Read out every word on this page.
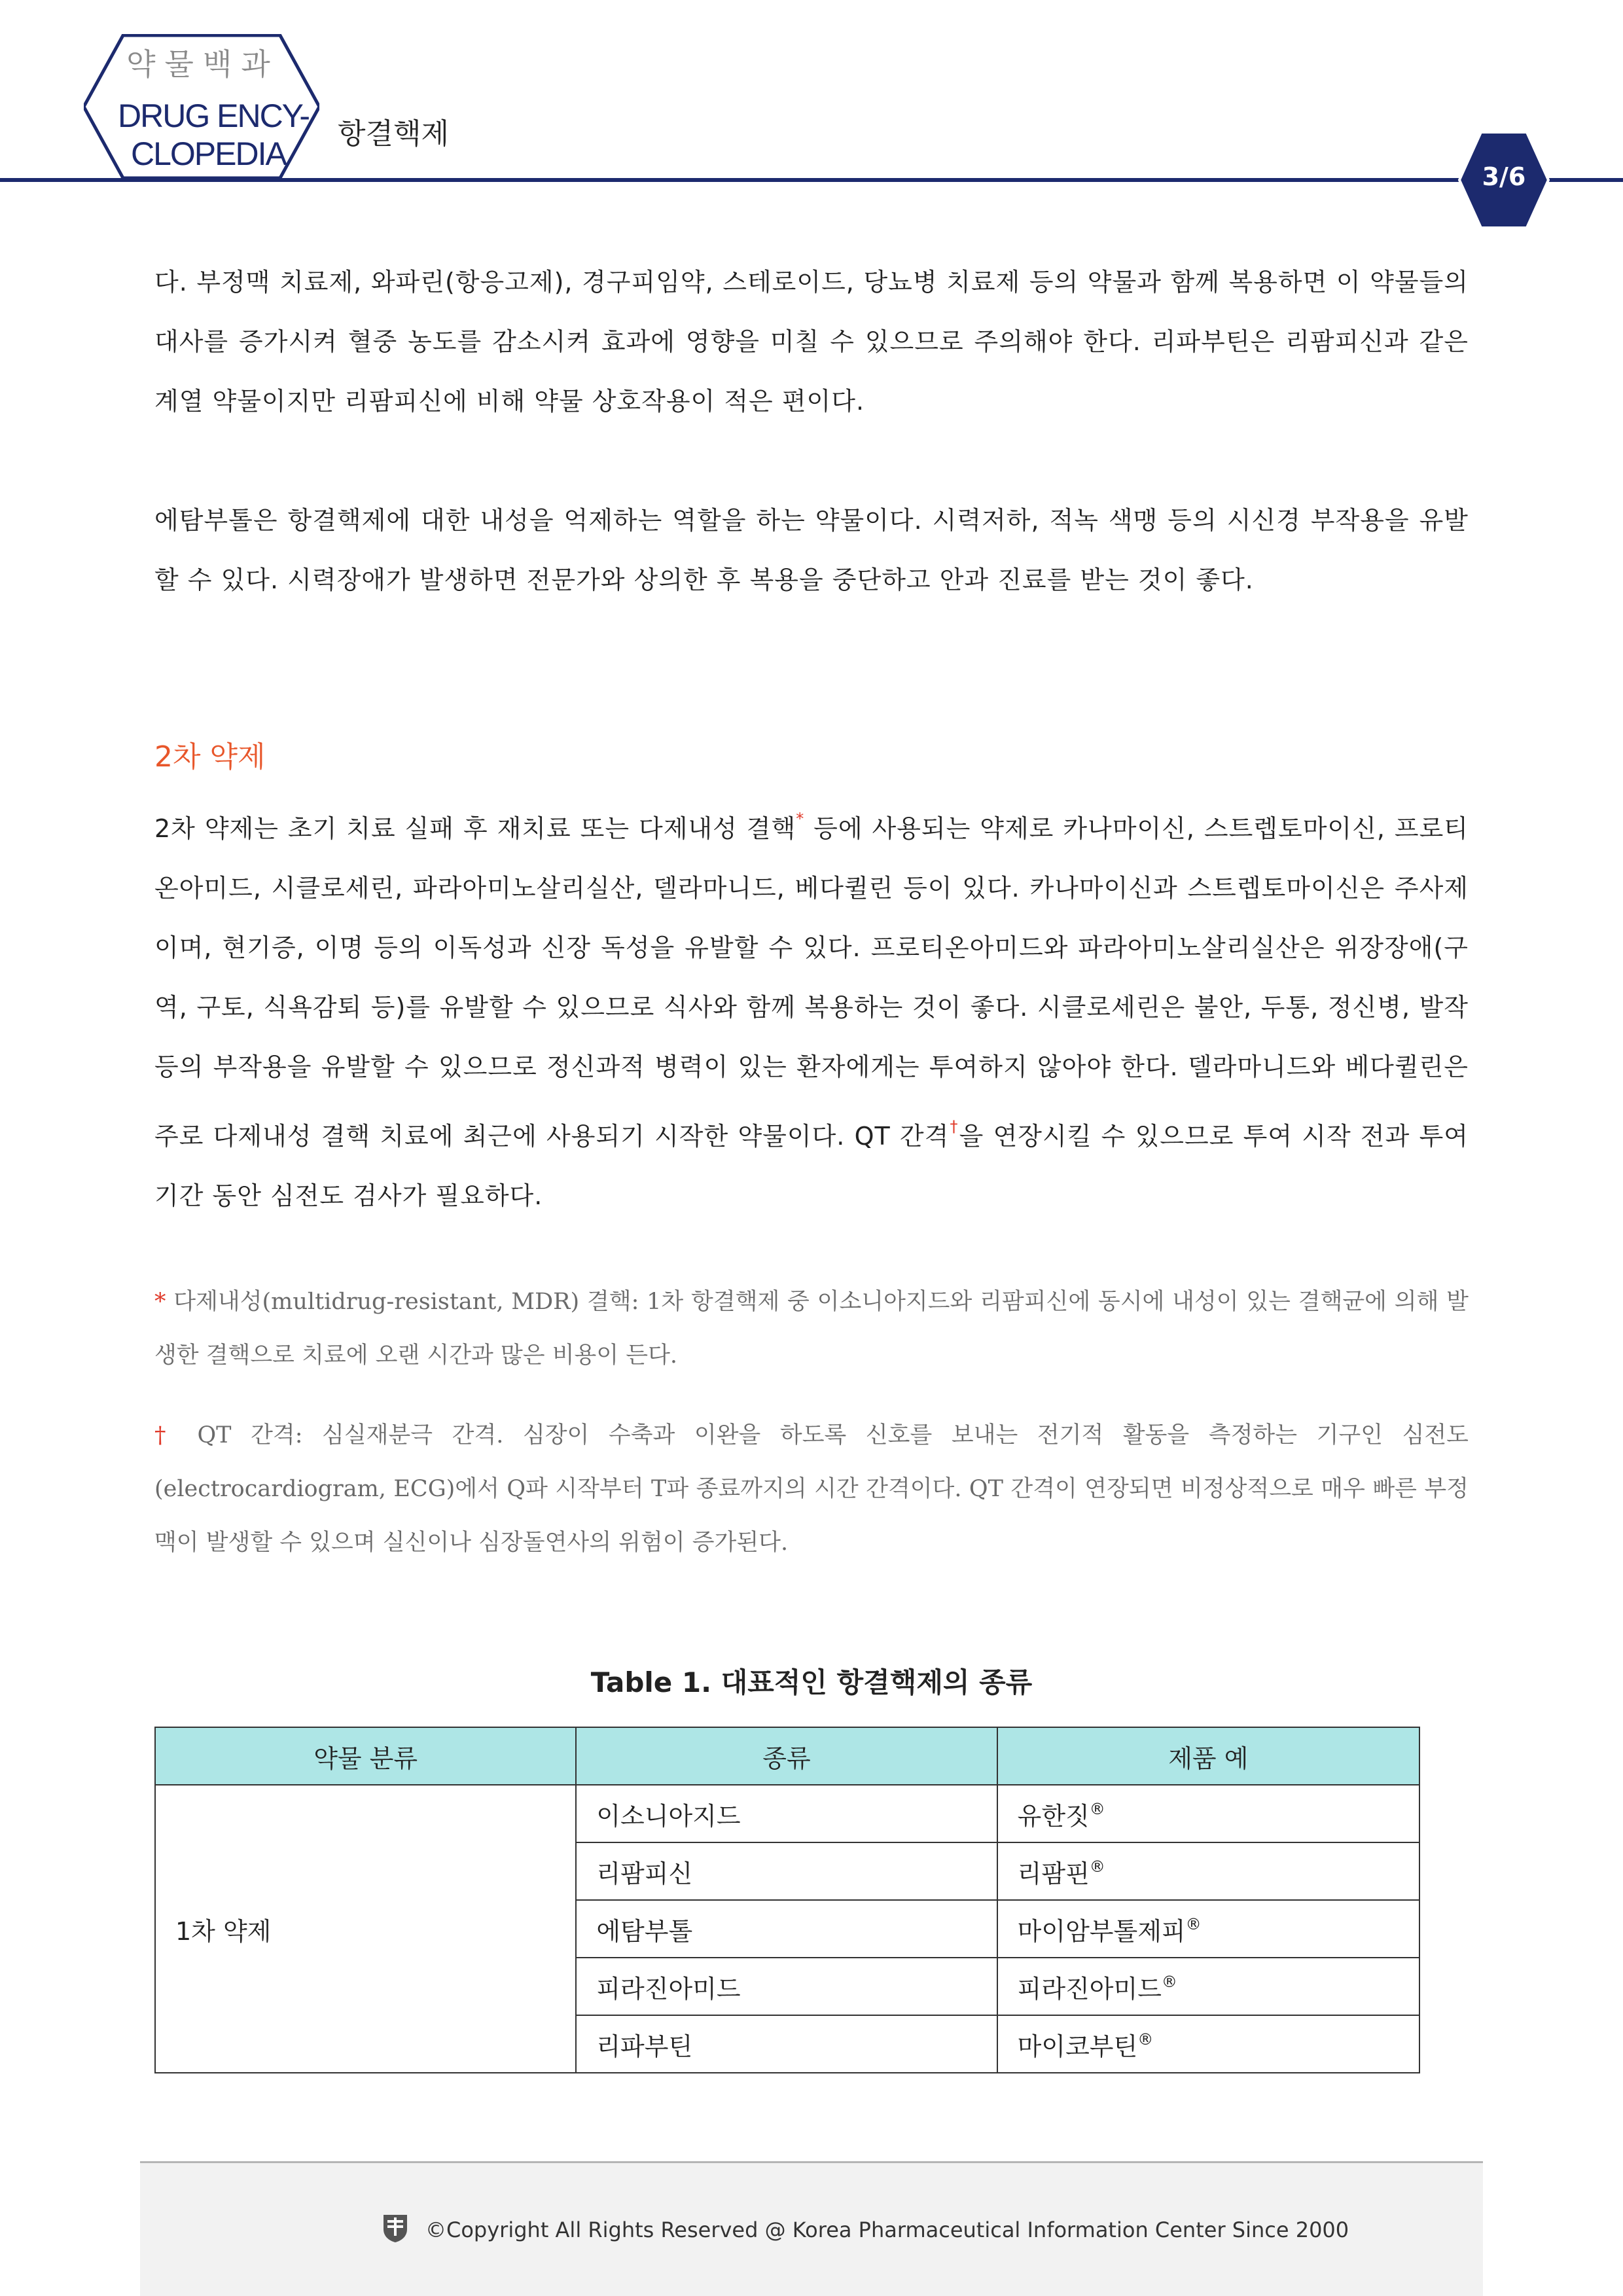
약물백과
DRUG ENCY-
CLOPEDIA
항결핵제
3/6
다. 부정맥 치료제, 와파린(항응고제), 경구피임약, 스테로이드, 당뇨병 치료제 등의 약물과 함께 복용하면 이 약물들의 대사를 증가시켜 혈중 농도를 감소시켜 효과에 영향을 미칠 수 있으므로 주의해야 한다. 리파부틴은 리팜피신과 같은 계열 약물이지만 리팜피신에 비해 약물 상호작용이 적은 편이다.
에탐부톨은 항결핵제에 대한 내성을 억제하는 역할을 하는 약물이다. 시력저하, 적녹 색맹 등의 시신경 부작용을 유발할 수 있다. 시력장애가 발생하면 전문가와 상의한 후 복용을 중단하고 안과 진료를 받는 것이 좋다.
2차 약제
2차 약제는 초기 치료 실패 후 재치료 또는 다제내성 결핵* 등에 사용되는 약제로 카나마이신, 스트렙토마이신, 프로티온아미드, 시클로세린, 파라아미노살리실산, 델라마니드, 베다퀼린 등이 있다. 카나마이신과 스트렙토마이신은 주사제이며, 현기증, 이명 등의 이독성과 신장 독성을 유발할 수 있다. 프로티온아미드와 파라아미노살리실산은 위장장애(구역, 구토, 식욕감퇴 등)를 유발할 수 있으므로 식사와 함께 복용하는 것이 좋다. 시클로세린은 불안, 두통, 정신병, 발작 등의 부작용을 유발할 수 있으므로 정신과적 병력이 있는 환자에게는 투여하지 않아야 한다. 델라마니드와 베다퀼린은 주로 다제내성 결핵 치료에 최근에 사용되기 시작한 약물이다. QT 간격†을 연장시킬 수 있으므로 투여 시작 전과 투여기간 동안 심전도 검사가 필요하다.
* 다제내성(multidrug-resistant, MDR) 결핵: 1차 항결핵제 중 이소니아지드와 리팜피신에 동시에 내성이 있는 결핵균에 의해 발생한 결핵으로 치료에 오랜 시간과 많은 비용이 든다.
† QT 간격: 심실재분극 간격. 심장이 수축과 이완을 하도록 신호를 보내는 전기적 활동을 측정하는 기구인 심전도(electrocardiogram, ECG)에서 Q파 시작부터 T파 종료까지의 시간 간격이다. QT 간격이 연장되면 비정상적으로 매우 빠른 부정맥이 발생할 수 있으며 실신이나 심장돌연사의 위험이 증가된다.
Table 1. 대표적인 항결핵제의 종류
약물 분류	종류	제품 예
1차 약제	이소니아지드	유한짓®
	리팜피신	리팜핀®
	에탐부톨	마이암부톨제피®
	피라진아미드	피라진아미드®
	리파부틴	마이코부틴®
©Copyright All Rights Reserved @ Korea Pharmaceutical Information Center Since 2000
